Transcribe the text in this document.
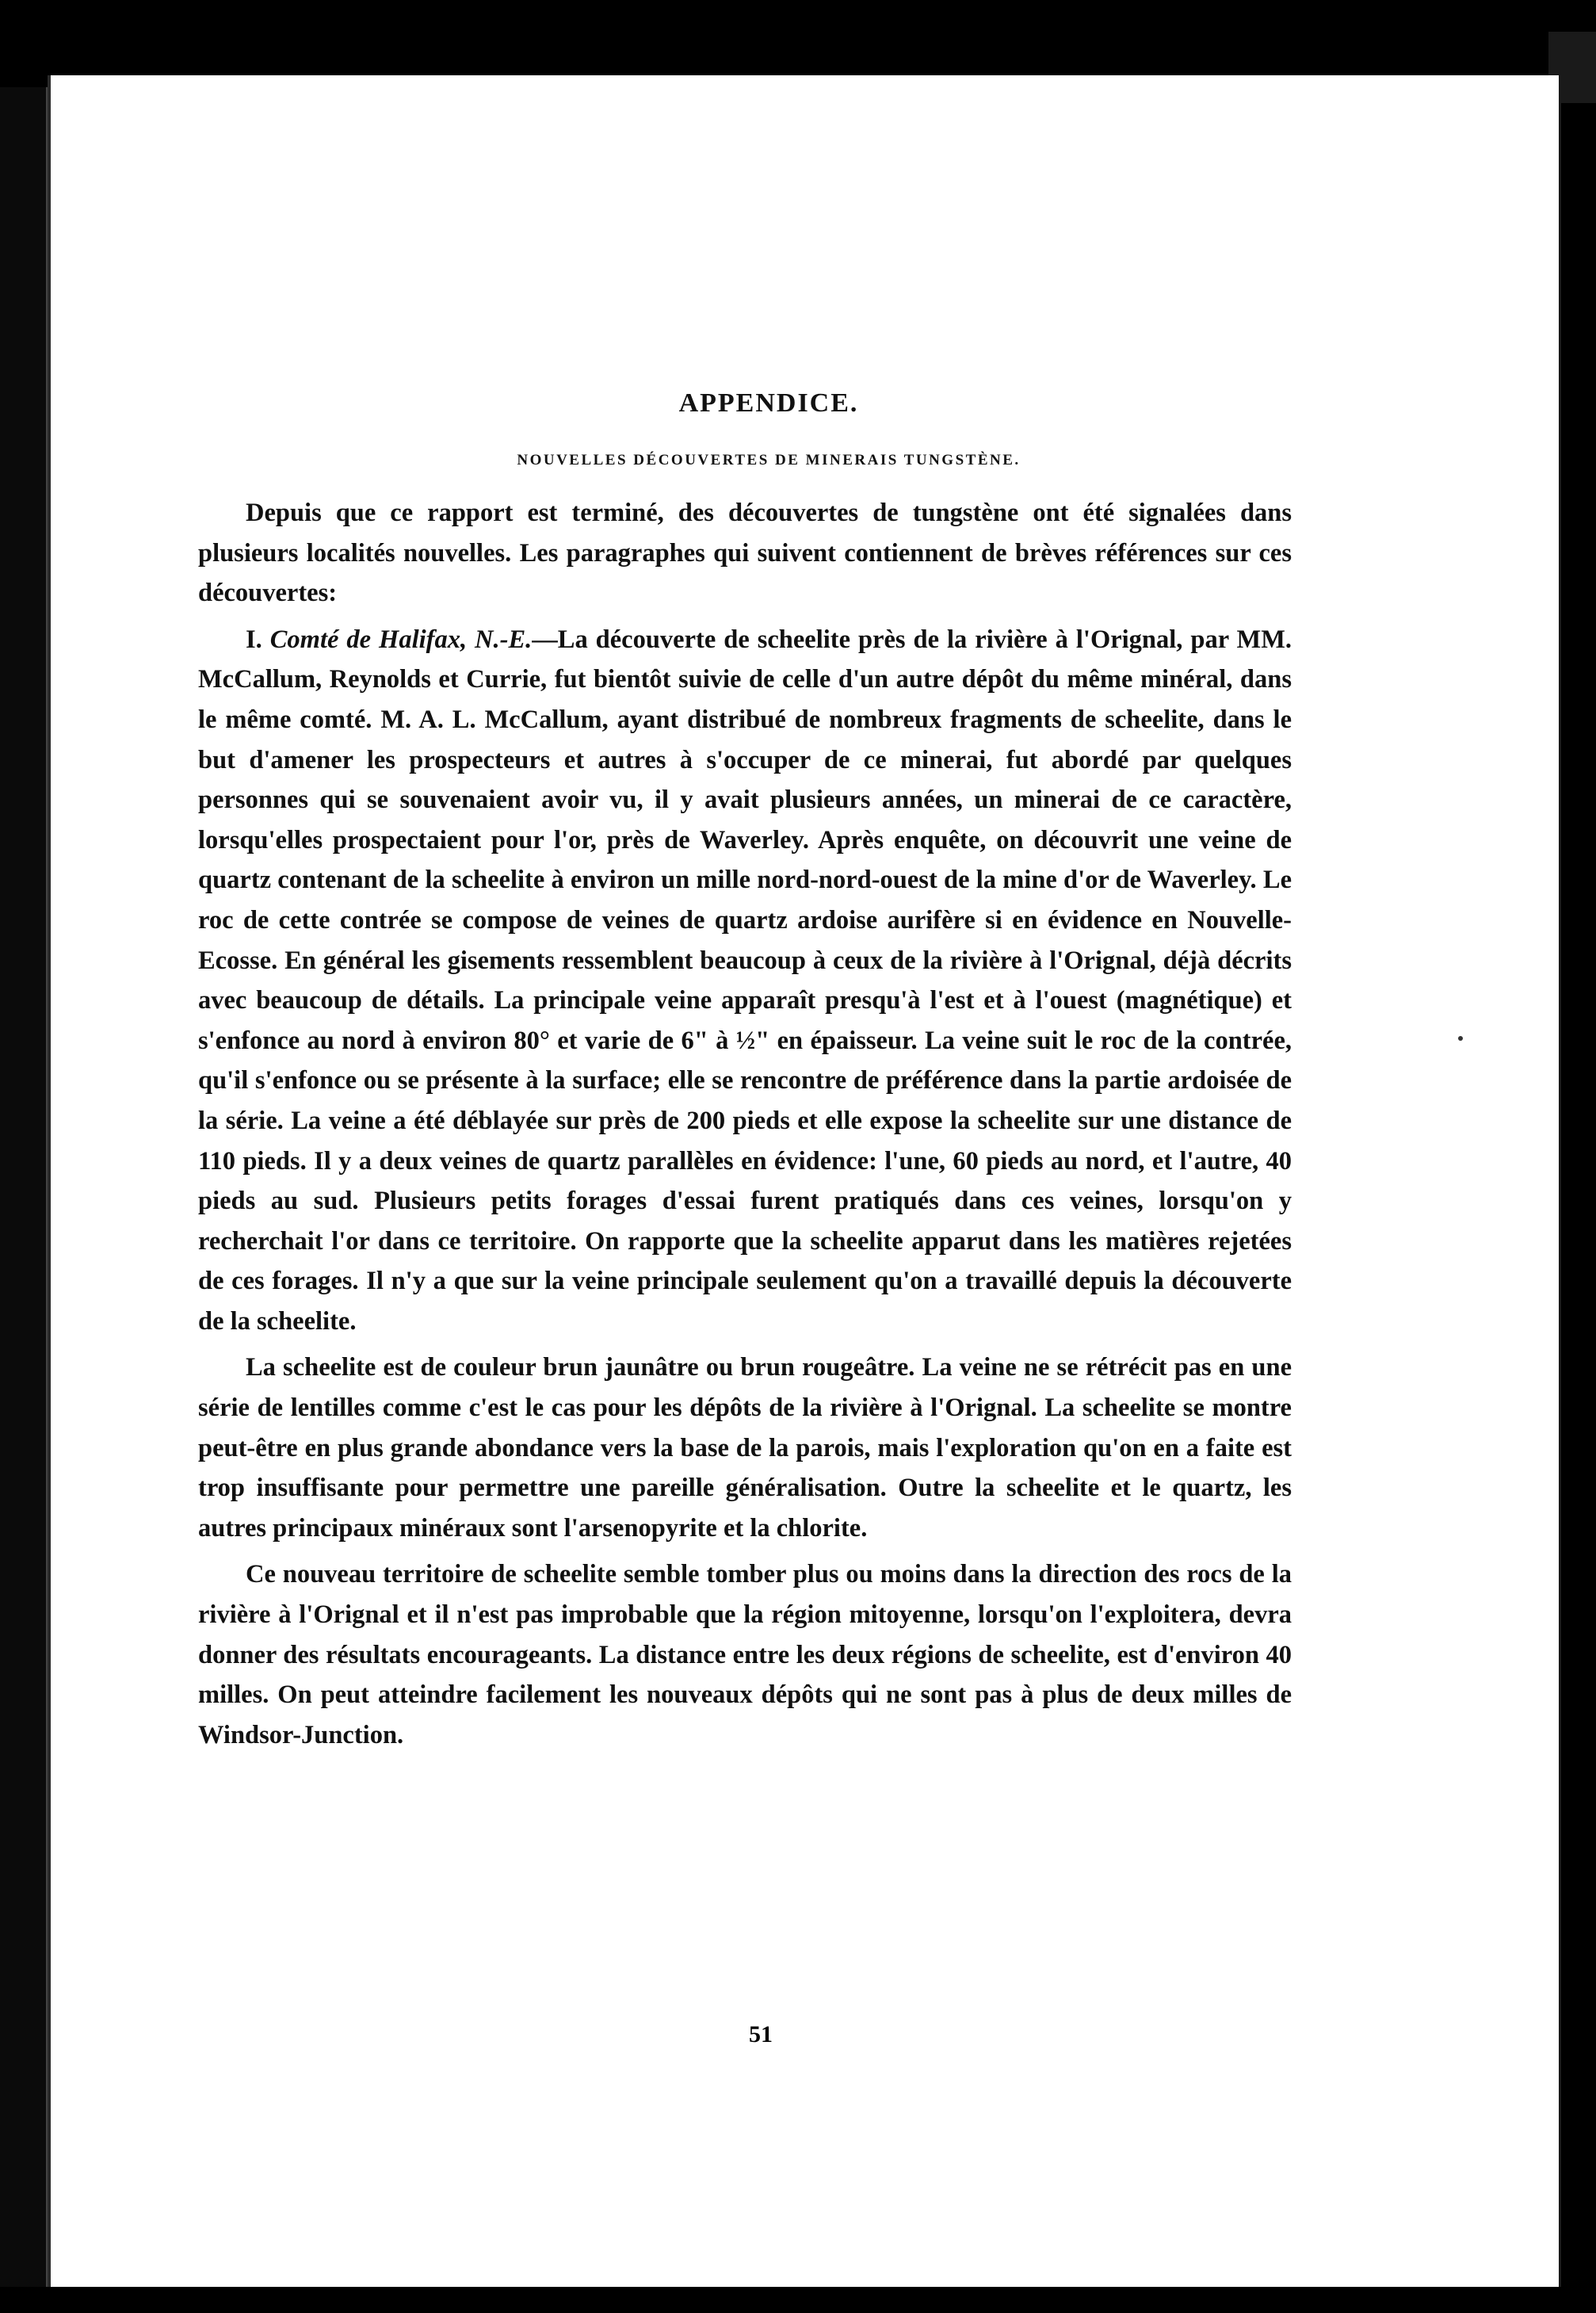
APPENDICE.
NOUVELLES DÉCOUVERTES DE MINERAIS TUNGSTÈNE.

Depuis que ce rapport est terminé, des découvertes de tungstène ont été signalées dans plusieurs localités nouvelles. Les paragraphes qui suivent contiennent de brèves références sur ces découvertes:

I. Comté de Halifax, N.-E.—La découverte de scheelite près de la rivière à l'Orignal, par MM. McCallum, Reynolds et Currie, fut bientôt suivie de celle d'un autre dépôt du même minéral, dans le même comté. M. A. L. McCallum, ayant distribué de nombreux fragments de scheelite, dans le but d'amener les prospecteurs et autres à s'occuper de ce minerai, fut abordé par quelques personnes qui se souvenaient avoir vu, il y avait plusieurs années, un minerai de ce caractère, lorsqu'elles prospectaient pour l'or, près de Waverley. Après enquête, on découvrit une veine de quartz contenant de la scheelite à environ un mille nord-nord-ouest de la mine d'or de Waverley. Le roc de cette contrée se compose de veines de quartz ardoise aurifère si en évidence en Nouvelle-Ecosse. En général les gisements ressemblent beaucoup à ceux de la rivière à l'Orignal, déjà décrits avec beaucoup de détails. La principale veine apparaît presqu'à l'est et à l'ouest (magnétique) et s'enfonce au nord à environ 80° et varie de 6" à ½" en épaisseur. La veine suit le roc de la contrée, qu'il s'enfonce ou se présente à la surface; elle se rencontre de préférence dans la partie ardoisée de la série. La veine a été déblayée sur près de 200 pieds et elle expose la scheelite sur une distance de 110 pieds. Il y a deux veines de quartz parallèles en évidence: l'une, 60 pieds au nord, et l'autre, 40 pieds au sud. Plusieurs petits forages d'essai furent pratiqués dans ces veines, lorsqu'on y recherchait l'or dans ce territoire. On rapporte que la scheelite apparut dans les matières rejetées de ces forages. Il n'y a que sur la veine principale seulement qu'on a travaillé depuis la découverte de la scheelite.

La scheelite est de couleur brun jaunâtre ou brun rougeâtre. La veine ne se rétrécit pas en une série de lentilles comme c'est le cas pour les dépôts de la rivière à l'Orignal. La scheelite se montre peut-être en plus grande abondance vers la base de la parois, mais l'exploration qu'on en a faite est trop insuffisante pour permettre une pareille généralisation. Outre la scheelite et le quartz, les autres principaux minéraux sont l'arsenopyrite et la chlorite.

Ce nouveau territoire de scheelite semble tomber plus ou moins dans la direction des rocs de la rivière à l'Orignal et il n'est pas improbable que la région mitoyenne, lorsqu'on l'exploitera, devra donner des résultats encourageants. La distance entre les deux régions de scheelite, est d'environ 40 milles. On peut atteindre facilement les nouveaux dépôts qui ne sont pas à plus de deux milles de Windsor-Junction.

51
